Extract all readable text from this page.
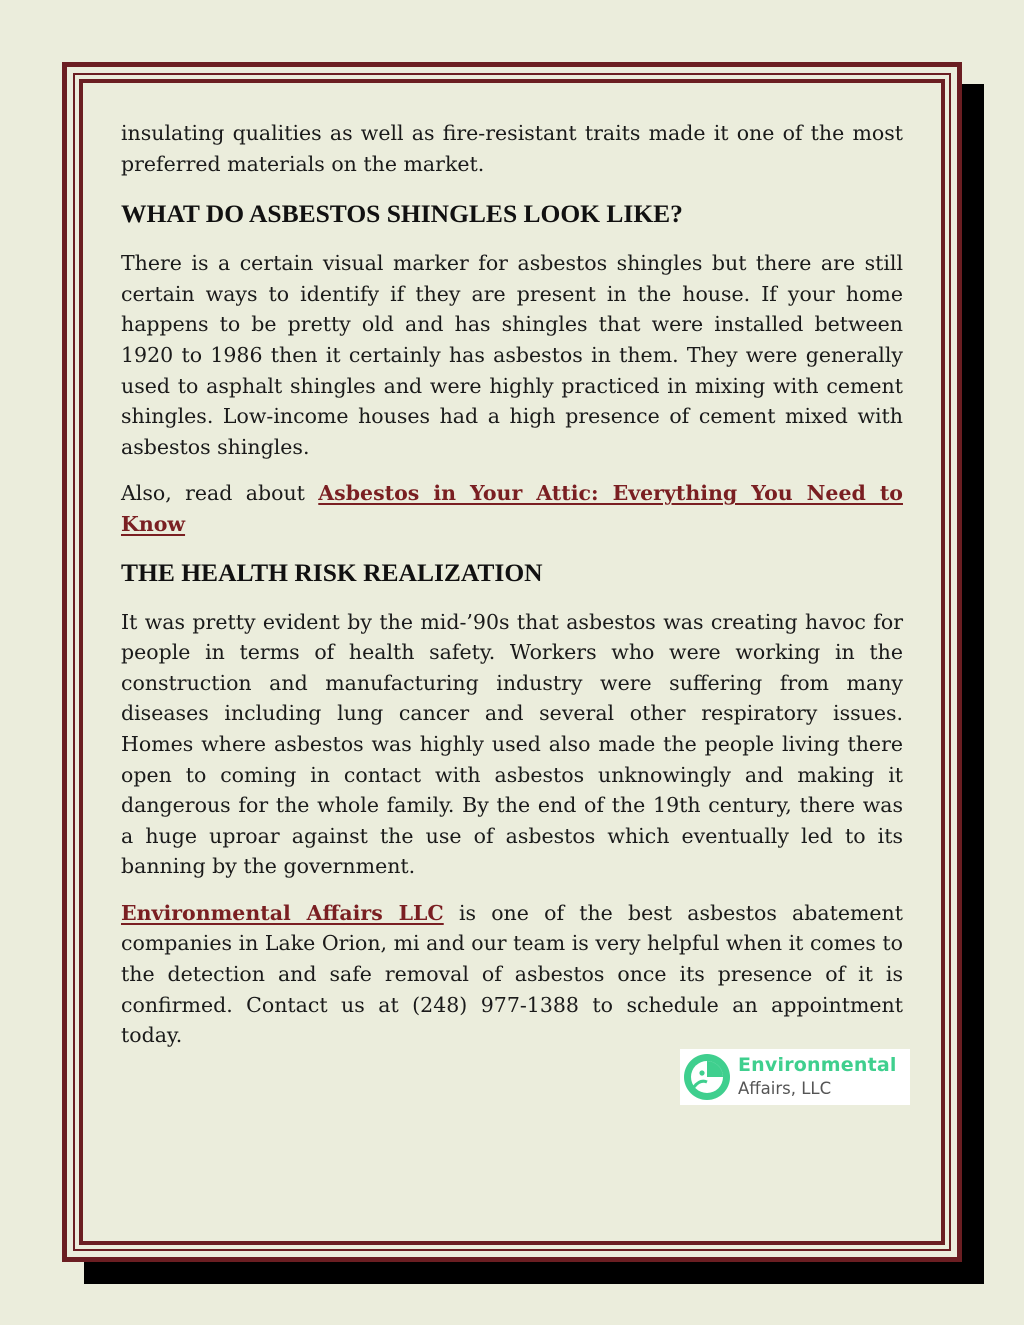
insulating qualities as well as fire-resistant traits made it one of the most preferred materials on the market.

WHAT DO ASBESTOS SHINGLES LOOK LIKE?

There is a certain visual marker for asbestos shingles but there are still certain ways to identify if they are present in the house. If your home happens to be pretty old and has shingles that were installed between 1920 to 1986 then it certainly has asbestos in them. They were generally used to asphalt shingles and were highly practiced in mixing with cement shingles. Low-income houses had a high presence of cement mixed with asbestos shingles.

Also, read about Asbestos in Your Attic: Everything You Need to Know

THE HEALTH RISK REALIZATION

It was pretty evident by the mid-’90s that asbestos was creating havoc for people in terms of health safety. Workers who were working in the construction and manufacturing industry were suffering from many diseases including lung cancer and several other respiratory issues. Homes where asbestos was highly used also made the people living there open to coming in contact with asbestos unknowingly and making it dangerous for the whole family. By the end of the 19th century, there was a huge uproar against the use of asbestos which eventually led to its banning by the government.

Environmental Affairs LLC is one of the best asbestos abatement companies in Lake Orion, mi and our team is very helpful when it comes to the detection and safe removal of asbestos once its presence of it is confirmed. Contact us at (248) 977-1388 to schedule an appointment today.

Environmental
Affairs, LLC
